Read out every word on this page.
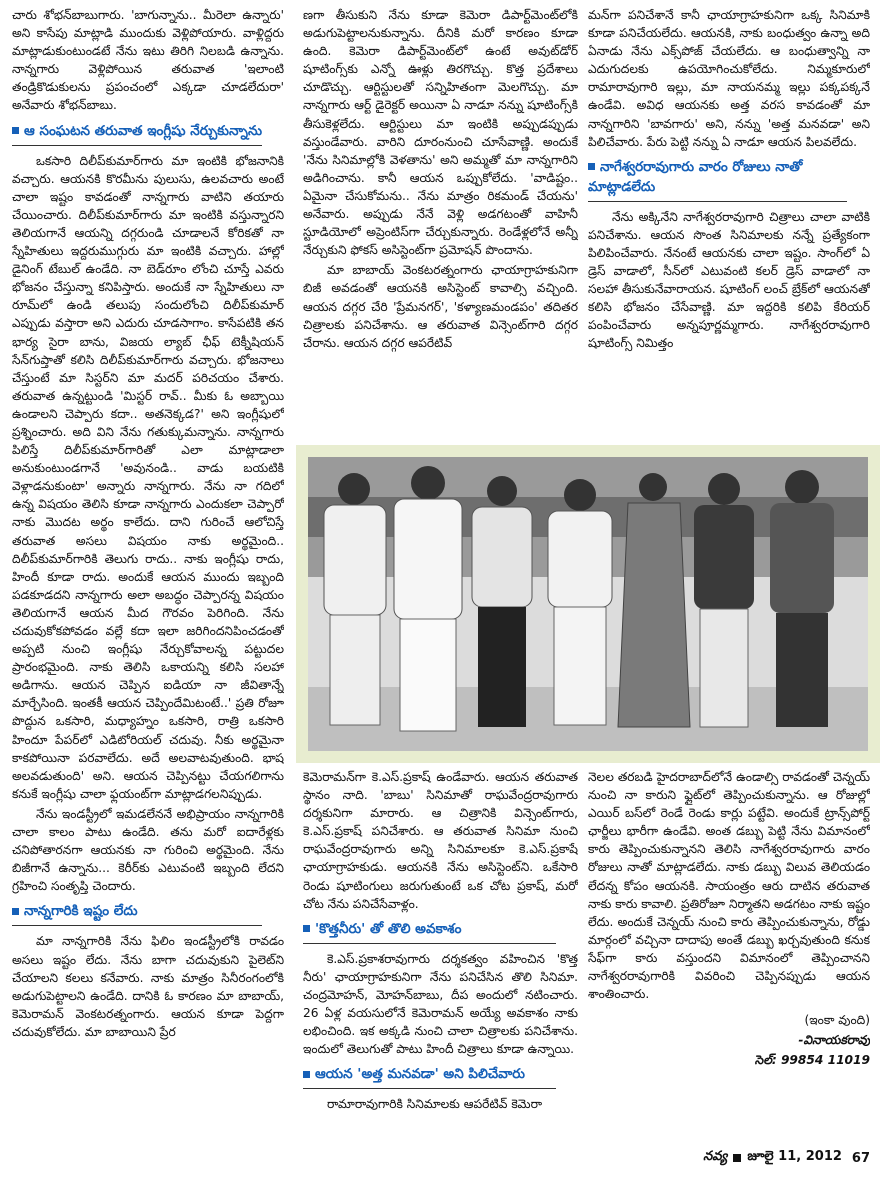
చారు శోభన్‌బాబుగారు. 'బాగున్నాను.. మీరెలా ఉన్నారు' అని కాసేపు మాట్లాడి ముందుకు వెళ్లిపోయారు. వాళ్లిద్దరు మాట్లాడుకుంటుండటే నేను ఇటు తిరిగి నిలబడి ఉన్నాను. నాన్నగారు వెళ్లిపోయిన తరువాత 'ఇలాంటి తండ్రికొడుకులను ప్రపంచంలో ఎక్కడా చూడలేదురా' అనేవారు శోభన్‌బాబు.

ఆ సంఘటన తరువాత ఇంగ్లీషు నేర్చుకున్నాను

ఒకసారి దిలీప్‌కుమార్‌గారు మా ఇంటికి భోజనానికి వచ్చారు. ఆయనకి కొరమీను పులుసు, ఉలవచారు అంటే చాలా ఇష్టం కావడంతో నాన్నగారు వాటిని తయారు చేయించారు. దిలీప్‌కుమార్‌గారు మా ఇంటికి వస్తున్నారని తెలియగానే ఆయన్ని దగ్గరుండి చూడాలనే కోరికతో నా స్నేహితులు ఇద్దరుముగ్గురు మా ఇంటికి వచ్చారు. హాల్లో డైనింగ్ టేబుల్ ఉండేది. నా బెడ్‌రూం లోంచి చూస్తే ఎవరు భోజనం చేస్తున్నా కనిపిస్తారు. అందుకే నా స్నేహితులు నా రూమ్‌లో ఉండి తలుపు సందులోంచి దిలీప్‌కుమార్ ఎప్పుడు వస్తారా అని ఎదురు చూడసాగాం. కాసేపటికి తన భార్య సైరా బాను, విజయ ల్యాబ్ ఛీఫ్ టెక్నీషియన్ సేన్‌గుప్తాతో కలిసి దిలీప్‌కుమార్‌గారు వచ్చారు. భోజనాలు చేస్తుంటే మా సిస్టర్‌ని మా మదర్ పరిచయం చేశారు. తరువాత ఉన్నట్టుండి 'మిస్టర్ రావ్.. మీకు ఓ అబ్బాయి ఉండాలని చెప్పారు కదా.. అతనెక్కడ?' అని ఇంగ్లీషులో ప్రశ్నించారు. అది విని నేను గతుక్కుమన్నాను. నాన్నగారు పిలిస్తే దిలీప్‌కుమార్‌గారితో ఎలా మాట్లాడాలా అనుకుంటుండగానే 'అవునండి.. వాడు బయటికి వెళ్లాడనుకుంటా' అన్నారు నాన్నగారు. నేను నా గదిలో ఉన్న విషయం తెలిసి కూడా నాన్నగారు ఎందుకలా చెప్పారో నాకు మొదట అర్థం కాలేదు. దాని గురించే ఆలోచిస్తే తరువాత అసలు విషయం నాకు అర్థమైంది.. దిలీప్‌కుమార్‌గారికి తెలుగు రాదు.. నాకు ఇంగ్లీషు రాదు, హిందీ కూడా రాదు. అందుకే ఆయన ముందు ఇబ్బంది పడకూడదని నాన్నగారు అలా అబద్ధం చెప్పారన్న విషయం తెలియగానే ఆయన మీద గౌరవం పెరిగింది. నేను చదువుకోకపోవడం వల్లే కదా ఇలా జరిగిందనిపించడంతో అప్పటి నుంచి ఇంగ్లీషు నేర్చుకోవాలన్న పట్టుదల ప్రారంభమైంది. నాకు తెలిసి ఒకాయన్ని కలిసి సలహా అడిగాను. ఆయన చెప్పిన ఐడియా నా జీవితాన్నే మార్చేసింది. ఇంతకీ ఆయన చెప్పిందేమిటంటే..' ప్రతి రోజూ పొద్దున ఒకసారి, మధ్యాహ్నం ఒకసారి, రాత్రి ఒకసారి హిందూ పేపర్‌లో ఎడిటోరియల్ చదువు. నీకు అర్థమైనా కాకపోయినా పరవాలేదు. అదే అలవాటవుతుంది. భాష అలవడుతుంది' అని. ఆయన చెప్పినట్టు చేయగలిగాను కనుకే ఇంగ్లీషు చాలా ఫ్లయంట్‌గా మాట్లాడగలనిప్పుడు.

నేను ఇండస్ట్రీలో ఇమడలేననే అభిప్రాయం నాన్నగారికి చాలా కాలం పాటు ఉండేది. తను మరో ఐదారేళ్లకు చనిపోతారనగా ఆయనకు నా గురించి అర్థమైంది. నేను బిజీగానే ఉన్నాను... కెరీర్‌కు ఎటువంటి ఇబ్బంది లేదని గ్రహించి సంతృప్తి చెందారు.

నాన్నగారికి ఇష్టం లేదు

మా నాన్నగారికి నేను ఫిలిం ఇండస్ట్రీలోకి రావడం అసలు ఇష్టం లేదు. నేను బాగా చదువుకుని పైలెట్‌ని చేయాలని కలలు కనేవారు. నాకు మాత్రం సినీరంగంలోకి అడుగుపెట్టాలని ఉండేది. దానికి ఓ కారణం మా బాబాయ్, కెమెరామన్ వెంకటరత్నంగారు. ఆయన కూడా పెద్దగా చదువుకోలేదు. మా బాబాయిని ప్రేర

ణగా తీసుకుని నేను కూడా కెమెరా డిపార్ట్‌మెంట్‌లోకి అడుగుపెట్టాలనుకున్నాను. దీనికి మరో కారణం కూడా ఉంది. కెమెరా డిపార్ట్‌మెంట్‌లో ఉంటే అవుట్‌డోర్ షూటింగ్స్‌కు ఎన్నో ఊళ్లు తిరగొచ్చు. కొత్త ప్రదేశాలు చూడొచ్చు. ఆర్టిస్టులతో సన్నిహితంగా మెలగొచ్చు. మా నాన్నగారు ఆర్ట్ డైరెక్టర్ అయినా ఏ నాడూ నన్ను షూటింగ్స్‌కి తీసుకెళ్లలేదు. ఆర్టిస్టులు మా ఇంటికి అప్పుడప్పుడు వస్తుండేవారు. వారిని దూరంనుంచి చూసేవాణ్ణి. అందుకే 'నేను సినిమాల్లోకి వెళతాను' అని అమ్మతో మా నాన్నగారిని అడిగించాను. కానీ ఆయన ఒప్పుకోలేదు. 'వాడిష్టం.. ఏమైనా చేసుకోమను.. నేను మాత్రం రికమండ్ చేయను' అనేవారు. అప్పుడు నేనే వెళ్లి అడగటంతో వాహినీ స్టూడియోలో అప్రెంటిస్‌గా చేర్చుకున్నారు. రెండేళ్లలోనే అన్నీ నేర్చుకుని ఫోకస్ అసిస్టెంట్‌గా ప్రమోషన్ పొందాను.

మా బాబాయ్ వెంకటరత్నంగారు ఛాయాగ్రాహకునిగా బిజీ అవడంతో ఆయనకి అసిస్టెంట్ కావాల్సి వచ్చింది. ఆయన దగ్గర చేరి 'ప్రేమనగర్', 'కళ్యాణమండపం' తదితర చిత్రాలకు పనిచేశాను. ఆ తరువాత విన్సెంట్‌గారి దగ్గర చేరాను. ఆయన దగ్గర ఆపరేటివ్

మన్‌గా పనిచేశానే కానీ ఛాయాగ్రాహకునిగా ఒక్క సినిమాకి కూడా పనిచేయలేదు. ఆయనకి, నాకు బంధుత్వం ఉన్నా అది ఏనాడు నేను ఎక్స్‌పోజ్ చేయలేదు. ఆ బంధుత్వాన్ని నా ఎదుగుదలకు ఉపయోగించుకోలేదు. నిమ్మకూరులో రామారావుగారి ఇల్లు, మా నాయనమ్మ ఇల్లు పక్కపక్కనే ఉండేవి. అవిధ ఆయనకు అత్త వరస కావడంతో మా నాన్నగారిని 'బావగారు' అని, నన్ను 'అత్త మనవడా' అని పిలిచేవారు. పేరు పెట్టి నన్ను ఏ నాడూ ఆయన పిలవలేదు.

నాగేశ్వరరావుగారు వారం రోజులు నాతో మాట్లాడలేదు

నేను అక్కినేని నాగేశ్వరరావుగారి చిత్రాలు చాలా వాటికి పనిచేశాను. ఆయన సొంత సినిమాలకు నన్నే ప్రత్యేకంగా పిలిపించేవారు. నేనంటే ఆయనకు చాలా ఇష్టం. సాంగ్‌లో ఏ డ్రెస్ వాడాలో, సీన్‌లో ఎటువంటి కలర్ డ్రెస్ వాడాలో నా సలహా తీసుకునేవారాయన. షూటింగ్ లంచ్ బ్రేక్‌లో ఆయనతో కలిసి భోజనం చేసేవాణ్ణి. మా ఇద్దరికి కలిపి కేరియర్ పంపించేవారు అన్నపూర్ణమ్మగారు. నాగేశ్వరరావుగారి షూటింగ్స్ నిమిత్తం

కెమెరామన్‌గా కె.ఎస్.ప్రకాష్ ఉండేవారు. ఆయన తరువాత స్థానం నాది. 'బాబు' సినిమాతో రాఘవేంద్రరావుగారు దర్శకునిగా మారారు. ఆ చిత్రానికి విన్సెంట్‌గారు, కె.ఎస్.ప్రకాష్ పనిచేశారు. ఆ తరువాత సినిమా నుంచి రాఘవేంద్రరావుగారు అన్ని సినిమాలకూ కె.ఎస్.ప్రకాషే ఛాయాగ్రాహకుడు. ఆయనకి నేను అసిస్టెంట్‌ని. ఒకేసారి రెండు షూటింగులు జరుగుతుంటే ఒక చోట ప్రకాష్, మరో చోట నేను పనిచేసేవాళ్లం.

'కొత్తనీరు' తో తొలి అవకాశం

కె.ఎస్.ప్రకాశరావుగారు దర్శకత్వం వహించిన 'కొత్త నీరు' ఛాయాగ్రాహకునిగా నేను పనిచేసిన తొలి సినిమా. చంద్రమోహన్, మోహన్‌బాబు, దీప అందులో నటించారు. 26 ఏళ్ల వయసులోనే కెమెరామన్ అయ్యే అవకాశం నాకు లభించింది. ఇక అక్కడి నుంచి చాలా చిత్రాలకు పనిచేశాను. ఇందులో తెలుగుతో పాటు హిందీ చిత్రాలు కూడా ఉన్నాయి.

ఆయన 'అత్త మనవడా' అని పిలిచేవారు

రామారావుగారికి సినిమాలకు ఆపరేటివ్ కెమెరా

నెలల తరబడి హైదరాబాద్‌లోనే ఉండాల్సి రావడంతో చెన్నయ్ నుంచి నా కారుని ఫ్లైట్‌లో తెప్పించుకున్నాను. ఆ రోజుల్లో ఎయిర్ బస్‌లో రెండే రెండు కార్లు పట్టేవి. అందుకే ట్రాన్స్‌పోర్ట్ ఛార్జీలు భారీగా ఉండేవి. అంత డబ్బు పెట్టి నేను విమానంలో కారు తెప్పించుకున్నానని తెలిసి నాగేశ్వరరావుగారు వారం రోజులు నాతో మాట్లాడలేదు. నాకు డబ్బు విలువ తెలియడం లేదన్న కోపం ఆయనకి. సాయంత్రం ఆరు దాటిన తరువాత నాకు కారు కావాలి. ప్రతిరోజూ నిర్మాతని అడగటం నాకు ఇష్టం లేదు. అందుకే చెన్నయ్ నుంచి కారు తెప్పించుకున్నాను, రోడ్డు మార్గంలో వచ్చినా దాదాపు అంతే డబ్బు ఖర్చవుతుంది కనుక సేఫ్‌గా కారు వస్తుందని విమానంలో తెప్పించానని నాగేశ్వరరావుగారికి వివరించి చెప్పినప్పుడు ఆయన శాంతించారు.

(ఇంకా వుంది)

-వినాయకరావు

సెల్: 99854 11019

నవ్య జూలై 11, 2012 67
